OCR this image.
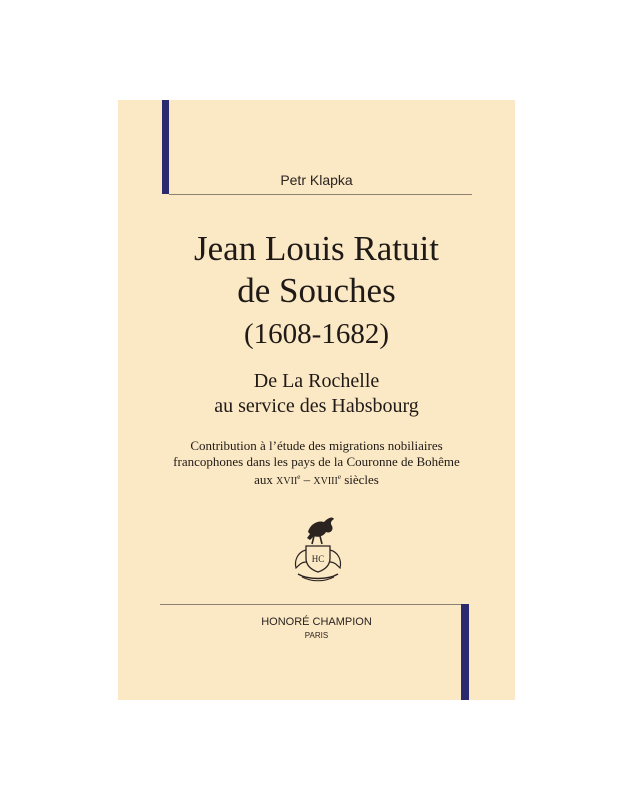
Petr Klapka
Jean Louis Ratuit
de Souches
(1608-1682)
De La Rochelle
au service des Habsbourg
Contribution à l’étude des migrations nobiliaires
francophones dans les pays de la Couronne de Bohême
aux XVIIe – XVIIIe siècles
HC
HONORÉ CHAMPION
PARIS
